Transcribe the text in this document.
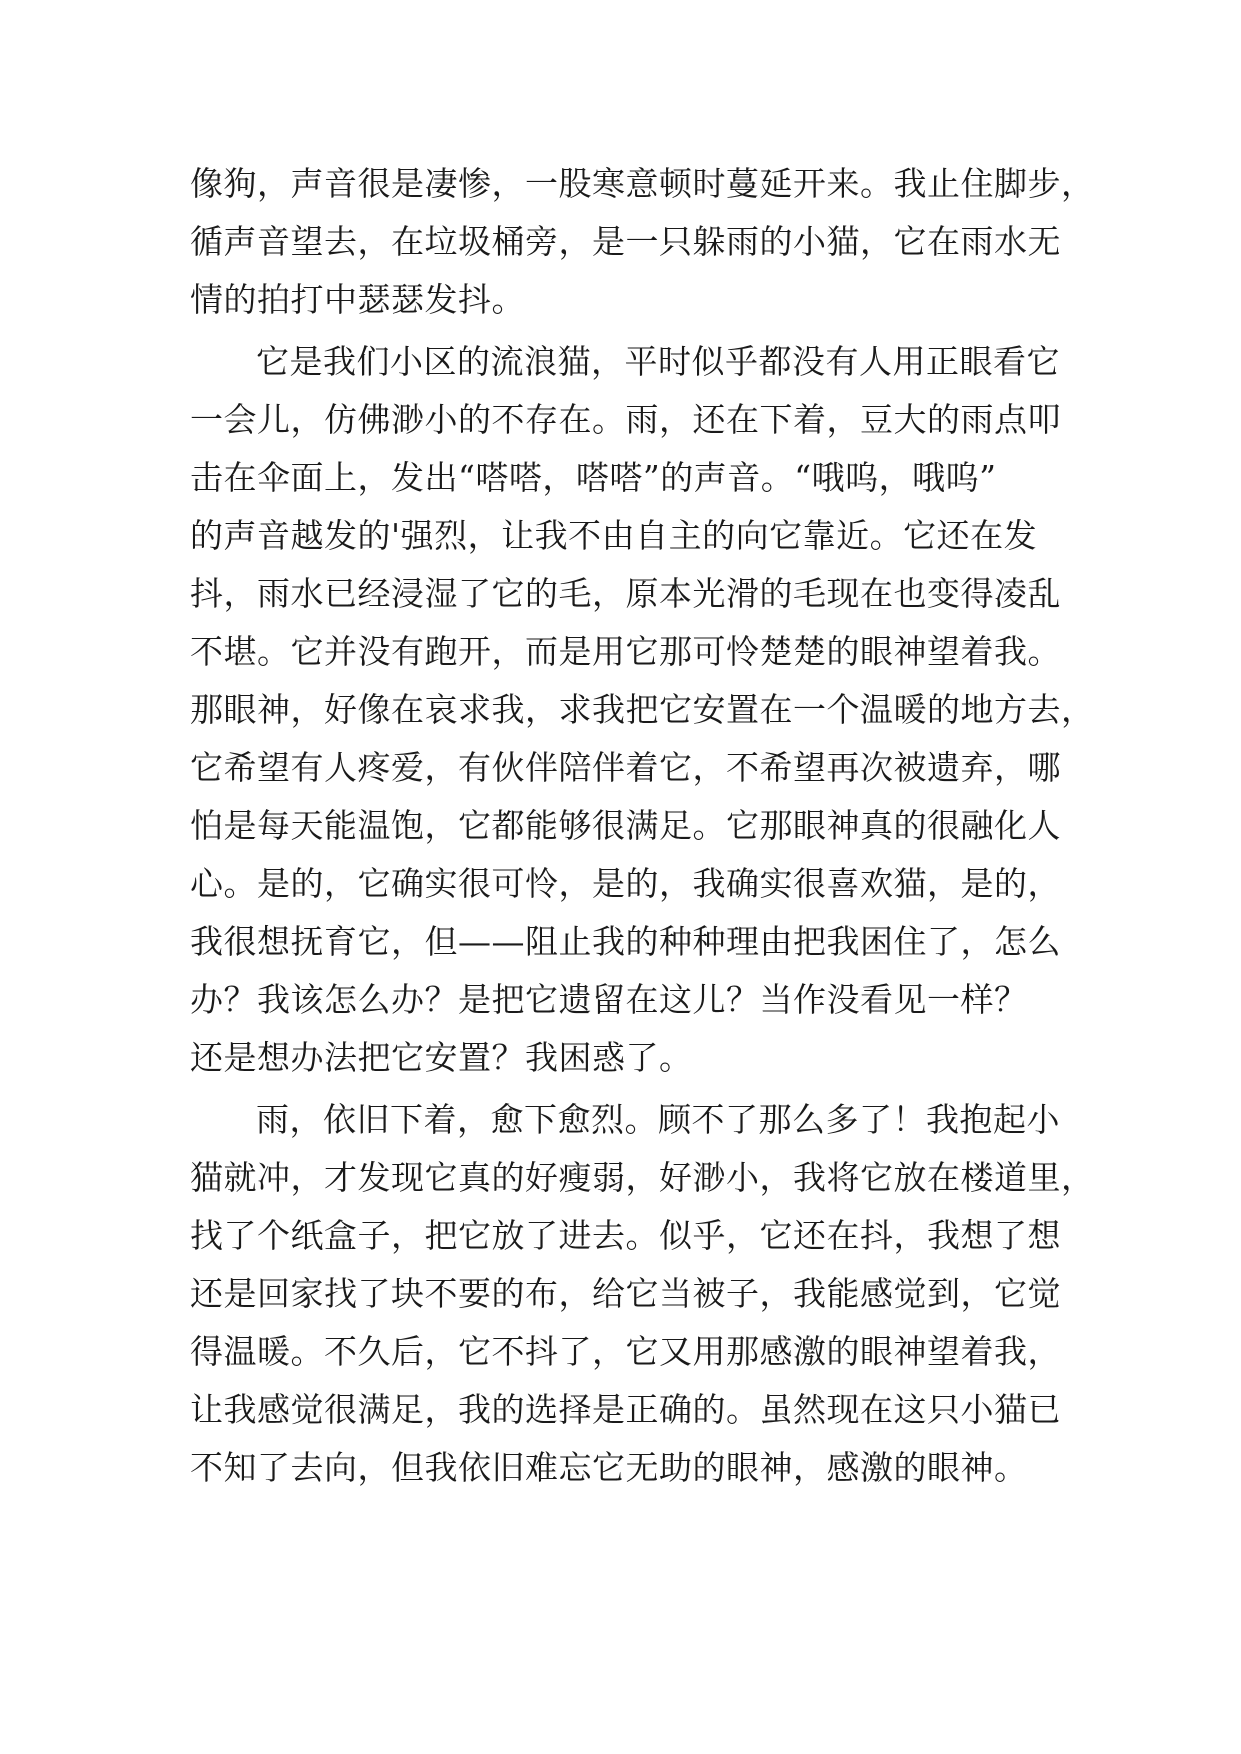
像狗，声音很是凄惨，一股寒意顿时蔓延开来。我止住脚步，
循声音望去，在垃圾桶旁，是一只躲雨的小猫，它在雨水无
情的拍打中瑟瑟发抖。
它是我们小区的流浪猫，平时似乎都没有人用正眼看它
一会儿，仿佛渺小的不存在。雨，还在下着，豆大的雨点叩
击在伞面上，发出“嗒嗒，嗒嗒”的声音。“哦呜，哦呜”
的声音越发的'强烈，让我不由自主的向它靠近。它还在发
抖，雨水已经浸湿了它的毛，原本光滑的毛现在也变得凌乱
不堪。它并没有跑开，而是用它那可怜楚楚的眼神望着我。
那眼神，好像在哀求我，求我把它安置在一个温暖的地方去，
它希望有人疼爱，有伙伴陪伴着它，不希望再次被遗弃，哪
怕是每天能温饱，它都能够很满足。它那眼神真的很融化人
心。是的，它确实很可怜，是的，我确实很喜欢猫，是的，
我很想抚育它，但——阻止我的种种理由把我困住了，怎么
办？我该怎么办？是把它遗留在这儿？当作没看见一样？
还是想办法把它安置？我困惑了。
雨，依旧下着，愈下愈烈。顾不了那么多了！我抱起小
猫就冲，才发现它真的好瘦弱，好渺小，我将它放在楼道里，
找了个纸盒子，把它放了进去。似乎，它还在抖，我想了想
还是回家找了块不要的布，给它当被子，我能感觉到，它觉
得温暖。不久后，它不抖了，它又用那感激的眼神望着我，
让我感觉很满足，我的选择是正确的。虽然现在这只小猫已
不知了去向，但我依旧难忘它无助的眼神，感激的眼神。
